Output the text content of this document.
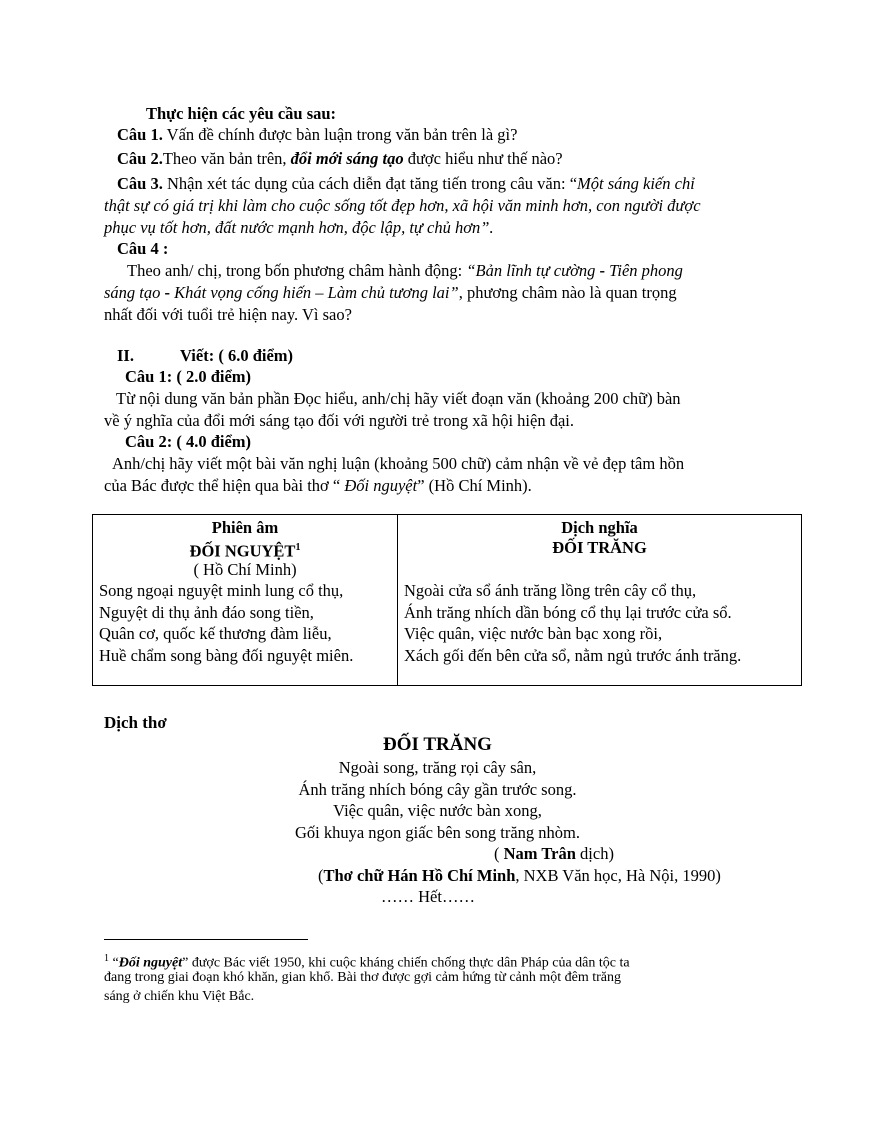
Thực hiện các yêu cầu sau:
Câu 1. Vấn đề chính được bàn luận trong văn bản trên là gì?
Câu 2.Theo văn bản trên, đổi mới sáng tạo được hiểu như thế nào?
Câu 3. Nhận xét tác dụng của cách diễn đạt tăng tiến trong câu văn: “Một sáng kiến chỉ
thật sự có giá trị khi làm cho cuộc sống tốt đẹp hơn, xã hội văn minh hơn, con người được
phục vụ tốt hơn, đất nước mạnh hơn, độc lập, tự chủ hơn”.
Câu 4 :
Theo anh/ chị, trong bốn phương châm hành động: “Bản lĩnh tự cường - Tiên phong
sáng tạo - Khát vọng cống hiến – Làm chủ tương lai”, phương châm nào là quan trọng
nhất đối với tuổi trẻ hiện nay. Vì sao?
II.	Viết: ( 6.0 điểm)
Câu 1: ( 2.0 điểm)
Từ nội dung văn bản phần Đọc hiểu, anh/chị hãy viết đoạn văn (khoảng 200 chữ) bàn
về ý nghĩa của đổi mới sáng tạo đối với người trẻ trong xã hội hiện đại.
Câu 2: ( 4.0 điểm)
Anh/chị hãy viết một bài văn nghị luận (khoảng 500 chữ) cảm nhận về vẻ đẹp tâm hồn
của Bác được thể hiện qua bài thơ “ Đối nguyệt” (Hồ Chí Minh).
Phiên âm
ĐỐI NGUYỆT$^1$
( Hồ Chí Minh)
Song ngoại nguyệt minh lung cổ thụ,
Nguyệt di thụ ảnh đáo song tiền,
Quân cơ, quốc kế thương đàm liễu,
Huề chẩm song bàng đối nguyệt miên.
Dịch nghĩa
ĐỐI TRĂNG
Ngoài cửa sổ ánh trăng lồng trên cây cổ thụ,
Ánh trăng nhích dần bóng cổ thụ lại trước cửa sổ.
Việc quân, việc nước bàn bạc xong rồi,
Xách gối đến bên cửa sổ, nằm ngủ trước ánh trăng.
Dịch thơ
ĐỐI TRĂNG
Ngoài song, trăng rọi cây sân,
Ánh trăng nhích bóng cây gần trước song.
Việc quân, việc nước bàn xong,
Gối khuya ngon giấc bên song trăng nhòm.
( Nam Trân dịch)
(Thơ chữ Hán Hồ Chí Minh, NXB Văn học, Hà Nội, 1990)
…… Hết……
$^1$ “Đối nguyệt” được Bác viết 1950, khi cuộc kháng chiến chống thực dân Pháp của dân tộc ta
đang trong giai đoạn khó khăn, gian khổ. Bài thơ được gợi cảm hứng từ cảnh một đêm trăng
sáng ở chiến khu Việt Bắc.
